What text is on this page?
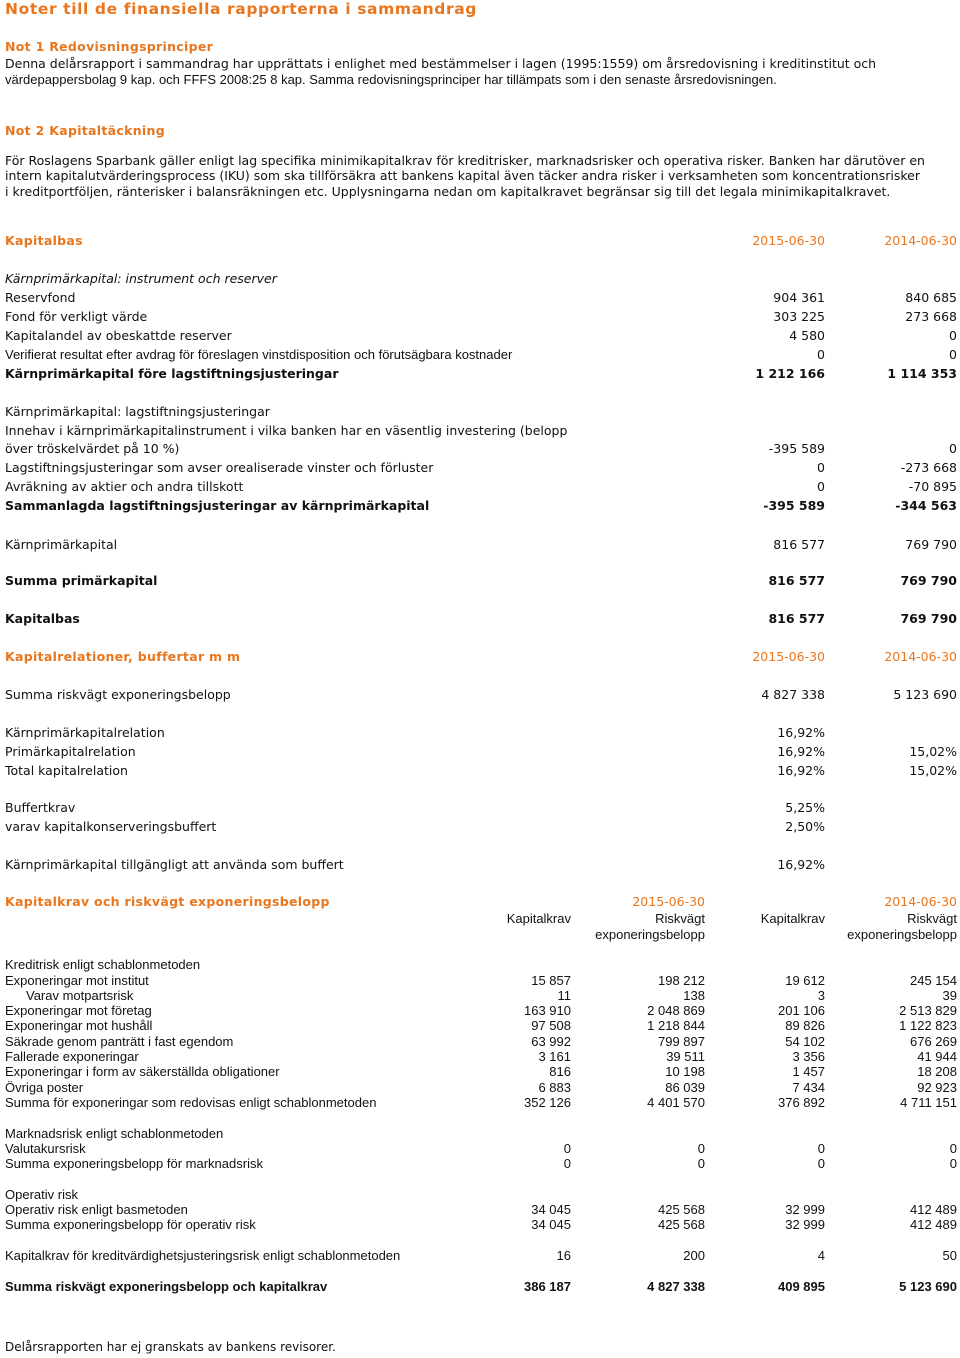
Noter till de finansiella rapporterna i sammandrag
Not 1 Redovisningsprinciper
Denna delårsrapport i sammandrag har upprättats i enlighet med bestämmelser i lagen (1995:1559) om årsredovisning i kreditinstitut och
värdepappersbolag 9 kap. och FFFS 2008:25 8 kap. Samma redovisningsprinciper har tillämpats som i den senaste årsredovisningen.
Not 2 Kapitaltäckning
För Roslagens Sparbank gäller enligt lag specifika minimikapitalkrav för kreditrisker, marknadsrisker och operativa risker. Banken har därutöver en
intern kapitalutvärderingsprocess (IKU) som ska tillförsäkra att bankens kapital även täcker andra risker i verksamheten som koncentrationsrisker
i kreditportföljen, ränterisker i balansräkningen etc. Upplysningarna nedan om kapitalkravet begränsar sig till det legala minimikapitalkravet.
Kapitalbas	2015-06-30	2014-06-30
Kärnprimärkapital: instrument och reserver
Reservfond	904 361	840 685
Fond för verkligt värde	303 225	273 668
Kapitalandel av obeskattde reserver	4 580	0
Verifierat resultat efter avdrag för föreslagen vinstdisposition och förutsägbara kostnader	0	0
Kärnprimärkapital före lagstiftningsjusteringar	1 212 166	1 114 353
Kärnprimärkapital: lagstiftningsjusteringar
Innehav i kärnprimärkapitalinstrument i vilka banken har en väsentlig investering (belopp
över tröskelvärdet på 10 %)	-395 589	0
Lagstiftningsjusteringar som avser orealiserade vinster och förluster	0	-273 668
Avräkning av aktier och andra tillskott	0	-70 895
Sammanlagda lagstiftningsjusteringar av kärnprimärkapital	-395 589	-344 563
Kärnprimärkapital	816 577	769 790
Summa primärkapital	816 577	769 790
Kapitalbas	816 577	769 790
Kapitalrelationer, buffertar m m	2015-06-30	2014-06-30
Summa riskvägt exponeringsbelopp	4 827 338	5 123 690
Kärnprimärkapitalrelation	16,92%
Primärkapitalrelation	16,92%	15,02%
Total kapitalrelation	16,92%	15,02%
Buffertkrav	5,25%
varav kapitalkonserveringsbuffert	2,50%
Kärnprimärkapital tillgängligt att använda som buffert	16,92%
Kapitalkrav och riskvägt exponeringsbelopp	2015-06-30	2014-06-30
Kapitalkrav	Riskvägt
exponeringsbelopp
Kapitalkrav	Riskvägt
exponeringsbelopp
Kreditrisk enligt schablonmetoden
Exponeringar mot institut	15 857	198 212	19 612	245 154
Varav motpartsrisk	11	138	3	39
Exponeringar mot företag	163 910	2 048 869	201 106	2 513 829
Exponeringar mot hushåll	97 508	1 218 844	89 826	1 122 823
Säkrade genom panträtt i fast egendom	63 992	799 897	54 102	676 269
Fallerade exponeringar	3 161	39 511	3 356	41 944
Exponeringar i form av säkerställda obligationer	816	10 198	1 457	18 208
Övriga poster	6 883	86 039	7 434	92 923
Summa för exponeringar som redovisas enligt schablonmetoden	352 126	4 401 570	376 892	4 711 151
Marknadsrisk enligt schablonmetoden
Valutakursrisk	0	0	0	0
Summa exponeringsbelopp för marknadsrisk	0	0	0	0
Operativ risk
Operativ risk enligt basmetoden	34 045	425 568	32 999	412 489
Summa exponeringsbelopp för operativ risk	34 045	425 568	32 999	412 489
Kapitalkrav för kreditvärdighetsjusteringsrisk enligt schablonmetoden	16	200	4	50
Summa riskvägt exponeringsbelopp och kapitalkrav	386 187	4 827 338	409 895	5 123 690
Delårsrapporten har ej granskats av bankens revisorer.
